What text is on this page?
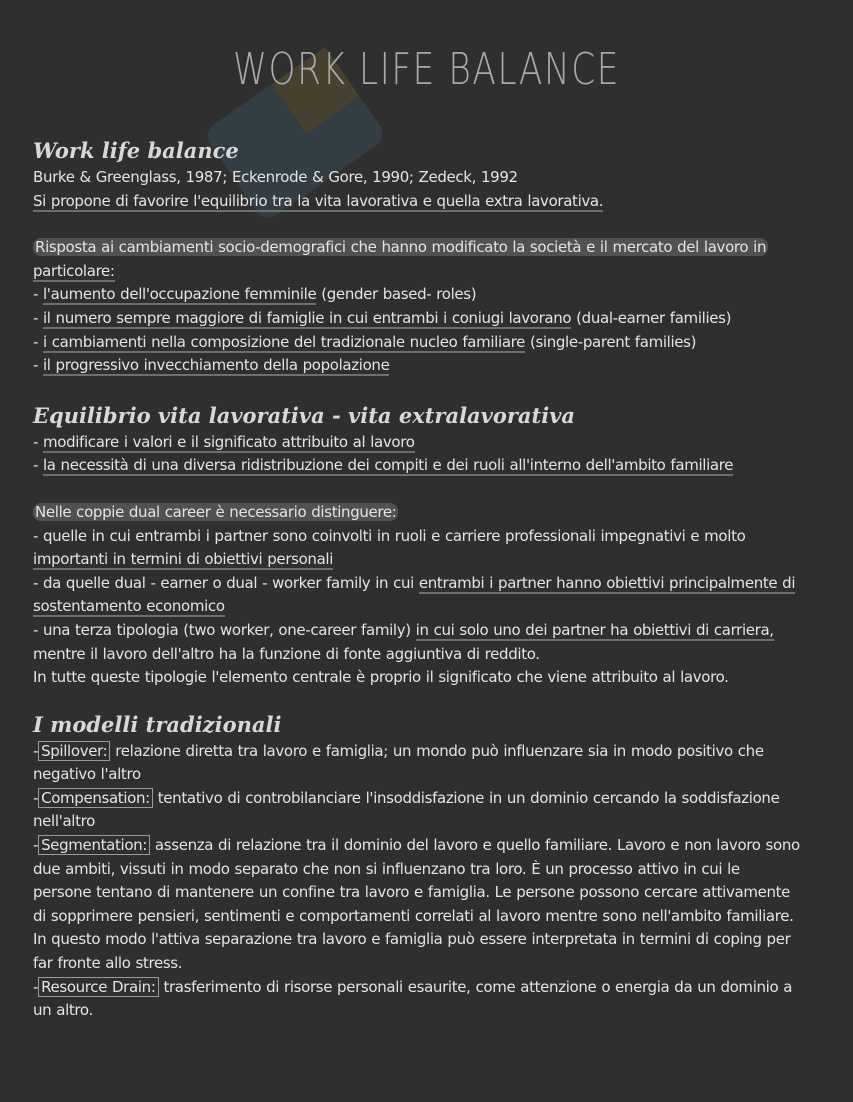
WORK LIFE BALANCE
Work life balance
Burke & Greenglass, 1987; Eckenrode & Gore, 1990; Zedeck, 1992
Si propone di favorire l'equilibrio tra la vita lavorativa e quella extra lavorativa.
Risposta ai cambiamenti socio-demografici che hanno modificato la società e il mercato del lavoro in
particolare:
- l'aumento dell'occupazione femminile (gender based- roles)
- il numero sempre maggiore di famiglie in cui entrambi i coniugi lavorano (dual-earner families)
- i cambiamenti nella composizione del tradizionale nucleo familiare (single-parent families)
- il progressivo invecchiamento della popolazione
Equilibrio vita lavorativa - vita extralavorativa
- modificare i valori e il significato attribuito al lavoro
- la necessità di una diversa ridistribuzione dei compiti e dei ruoli all'interno dell'ambito familiare
Nelle coppie dual career è necessario distinguere:
- quelle in cui entrambi i partner sono coinvolti in ruoli e carriere professionali impegnativi e molto
importanti in termini di obiettivi personali
- da quelle dual - earner o dual - worker family in cui entrambi i partner hanno obiettivi principalmente di
sostentamento economico
- una terza tipologia (two worker, one-career family) in cui solo uno dei partner ha obiettivi di carriera,
mentre il lavoro dell'altro ha la funzione di fonte aggiuntiva di reddito.
In tutte queste tipologie l'elemento centrale è proprio il significato che viene attribuito al lavoro.
I modelli tradizionali
- Spillover: relazione diretta tra lavoro e famiglia; un mondo può influenzare sia in modo positivo che
negativo l'altro
- Compensation: tentativo di controbilanciare l'insoddisfazione in un dominio cercando la soddisfazione
nell'altro
- Segmentation: assenza di relazione tra il dominio del lavoro e quello familiare. Lavoro e non lavoro sono
due ambiti, vissuti in modo separato che non si influenzano tra loro. È un processo attivo in cui le
persone tentano di mantenere un confine tra lavoro e famiglia. Le persone possono cercare attivamente
di sopprimere pensieri, sentimenti e comportamenti correlati al lavoro mentre sono nell'ambito familiare.
In questo modo l'attiva separazione tra lavoro e famiglia può essere interpretata in termini di coping per
far fronte allo stress.
- Resource Drain: trasferimento di risorse personali esaurite, come attenzione o energia da un dominio a
un altro.
